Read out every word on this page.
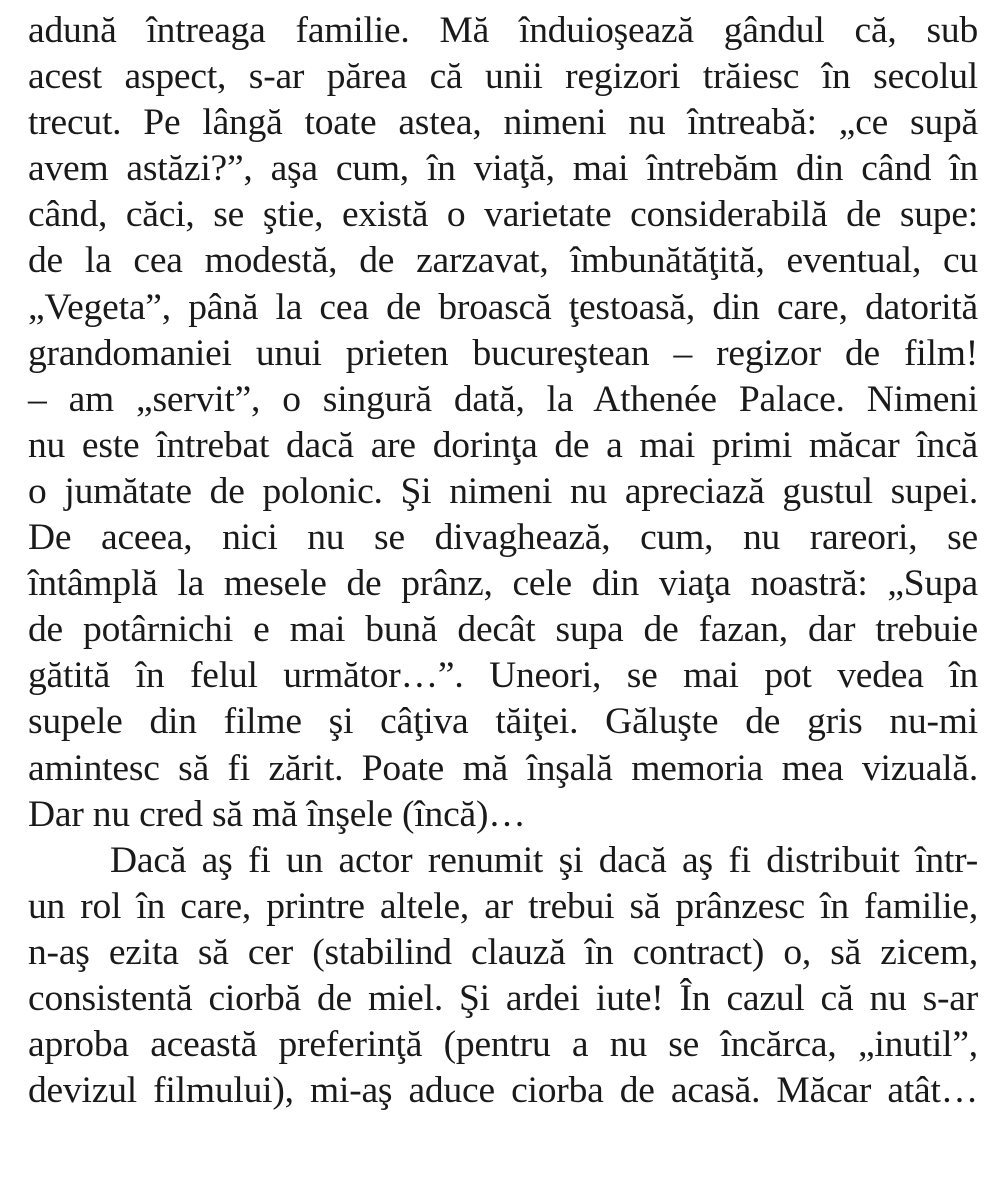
adună întreaga familie. Mă înduioşează gândul că, sub
acest aspect, s-ar părea că unii regizori trăiesc în secolul
trecut. Pe lângă toate astea, nimeni nu întreabă: „ce supă
avem astăzi?”, aşa cum, în viaţă, mai întrebăm din când în
când, căci, se ştie, există o varietate considerabilă de supe:
de la cea modestă, de zarzavat, îmbunătăţită, eventual, cu
„Vegeta”, până la cea de broască ţestoasă, din care, datorită
grandomaniei unui prieten bucureştean – regizor de film!
– am „servit”, o singură dată, la Athenée Palace. Nimeni
nu este întrebat dacă are dorinţa de a mai primi măcar încă
o jumătate de polonic. Şi nimeni nu apreciază gustul supei.
De aceea, nici nu se divaghează, cum, nu rareori, se
întâmplă la mesele de prânz, cele din viaţa noastră: „Supa
de potârnichi e mai bună decât supa de fazan, dar trebuie
gătită în felul următor…”. Uneori, se mai pot vedea în
supele din filme şi câţiva tăiţei. Găluşte de gris nu-mi
amintesc să fi zărit. Poate mă înşală memoria mea vizuală.
Dar nu cred să mă înşele (încă)…
Dacă aş fi un actor renumit şi dacă aş fi distribuit într-
un rol în care, printre altele, ar trebui să prânzesc în familie,
n-aş ezita să cer (stabilind clauză în contract) o, să zicem,
consistentă ciorbă de miel. Şi ardei iute! În cazul că nu s-ar
aproba această preferinţă (pentru a nu se încărca, „inutil”,
devizul filmului), mi-aş aduce ciorba de acasă. Măcar atât…
